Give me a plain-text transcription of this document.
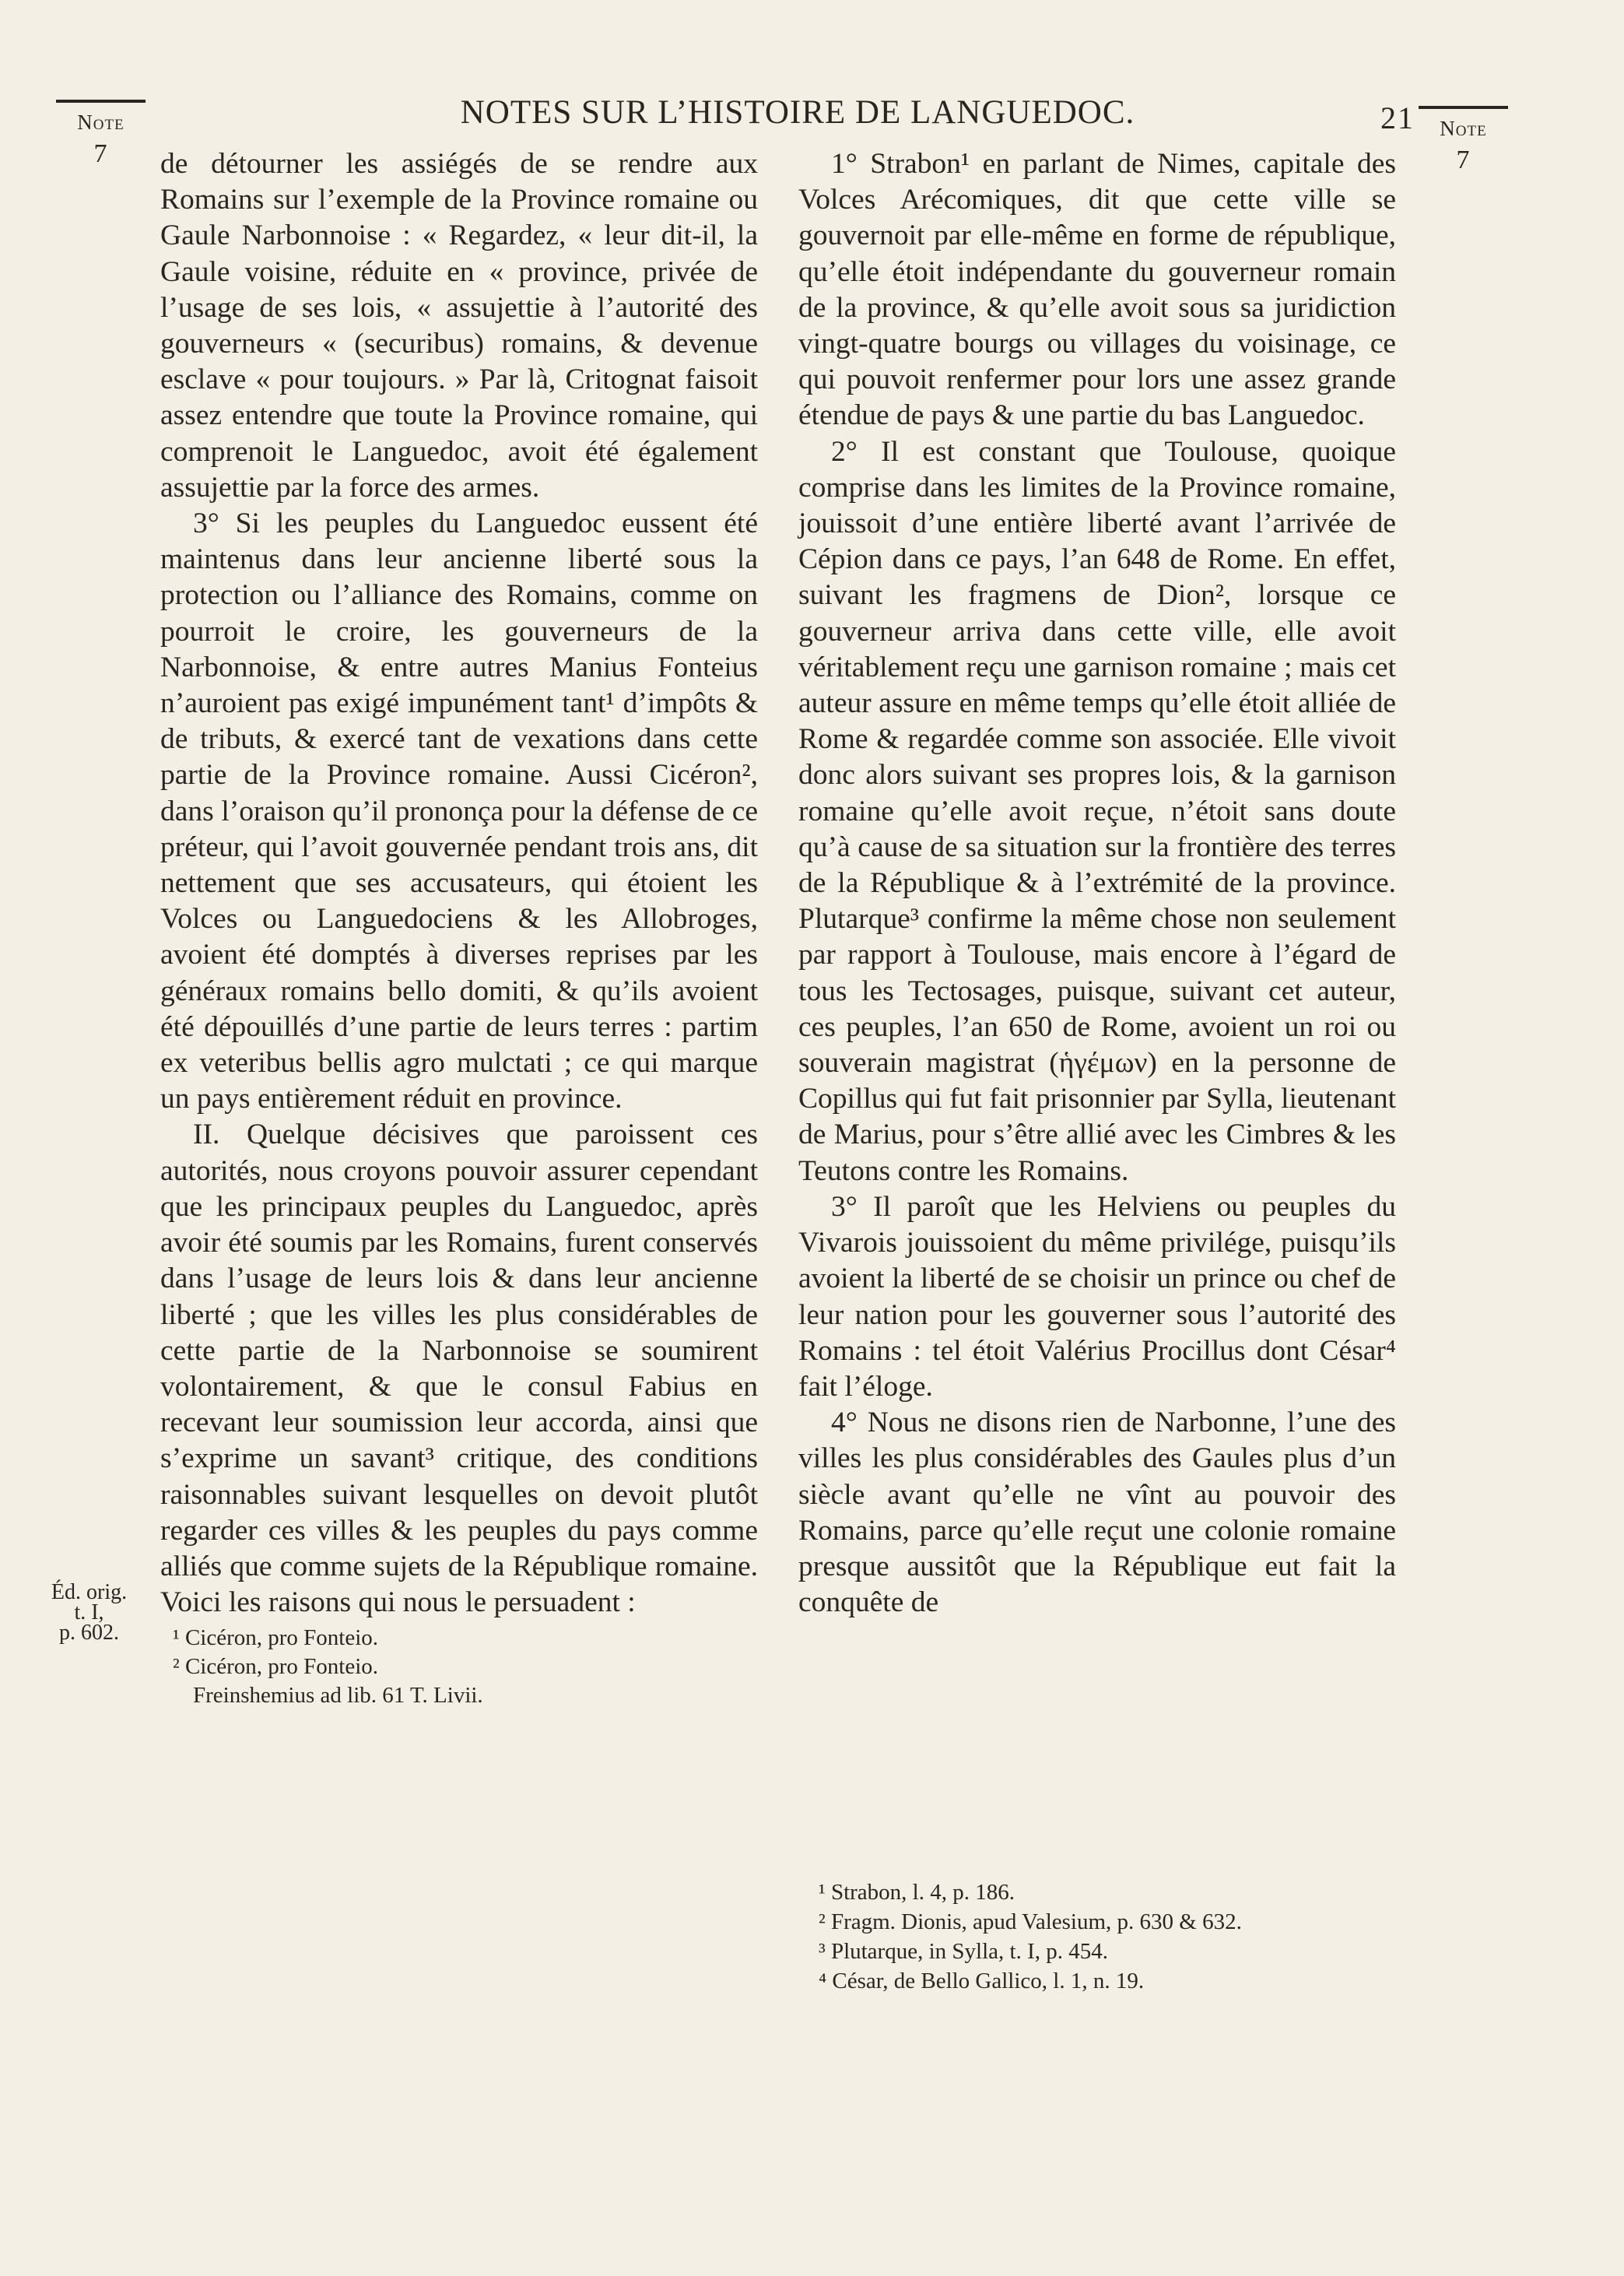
Note
7
NOTES SUR L’HISTOIRE DE LANGUEDOC.	21	Note
7
Éd. orig.
t. I,
p. 602.

de détourner les assiégés de se rendre aux Romains sur l’exemple de la Province romaine ou Gaule Narbonnoise : « Regardez, « leur dit-il, la Gaule voisine, réduite en « province, privée de l’usage de ses lois, « assujettie à l’autorité des gouverneurs « (securibus) romains, & devenue esclave « pour toujours. » Par là, Critognat faisoit assez entendre que toute la Province romaine, qui comprenoit le Languedoc, avoit été également assujettie par la force des armes.

3° Si les peuples du Languedoc eussent été maintenus dans leur ancienne liberté sous la protection ou l’alliance des Romains, comme on pourroit le croire, les gouverneurs de la Narbonnoise, & entre autres Manius Fonteius n’auroient pas exigé impunément tant¹ d’impôts & de tributs, & exercé tant de vexations dans cette partie de la Province romaine. Aussi Cicéron², dans l’oraison qu’il prononça pour la défense de ce préteur, qui l’avoit gouvernée pendant trois ans, dit nettement que ses accusateurs, qui étoient les Volces ou Languedociens & les Allobroges, avoient été domptés à diverses reprises par les généraux romains bello domiti, & qu’ils avoient été dépouillés d’une partie de leurs terres : partim ex veteribus bellis agro mulctati ; ce qui marque un pays entièrement réduit en province.

II. Quelque décisives que paroissent ces autorités, nous croyons pouvoir assurer cependant que les principaux peuples du Languedoc, après avoir été soumis par les Romains, furent conservés dans l’usage de leurs lois & dans leur ancienne liberté ; que les villes les plus considérables de cette partie de la Narbonnoise se soumirent volontairement, & que le consul Fabius en recevant leur soumission leur accorda, ainsi que s’exprime un savant³ critique, des conditions raisonnables suivant lesquelles on devoit plutôt regarder ces villes & les peuples du pays comme alliés que comme sujets de la République romaine. Voici les raisons qui nous le persuadent :

¹ Cicéron, pro Fonteio.

² Cicéron, pro Fonteio.

Freinshemius ad lib. 61 T. Livii.

1° Strabon¹ en parlant de Nimes, capitale des Volces Arécomiques, dit que cette ville se gouvernoit par elle-même en forme de république, qu’elle étoit indépendante du gouverneur romain de la province, & qu’elle avoit sous sa juridiction vingt-quatre bourgs ou villages du voisinage, ce qui pouvoit renfermer pour lors une assez grande étendue de pays & une partie du bas Languedoc.

2° Il est constant que Toulouse, quoique comprise dans les limites de la Province romaine, jouissoit d’une entière liberté avant l’arrivée de Cépion dans ce pays, l’an 648 de Rome. En effet, suivant les fragmens de Dion², lorsque ce gouverneur arriva dans cette ville, elle avoit véritablement reçu une garnison romaine ; mais cet auteur assure en même temps qu’elle étoit alliée de Rome & regardée comme son associée. Elle vivoit donc alors suivant ses propres lois, & la garnison romaine qu’elle avoit reçue, n’étoit sans doute qu’à cause de sa situation sur la frontière des terres de la République & à l’extrémité de la province. Plutarque³ confirme la même chose non seulement par rapport à Toulouse, mais encore à l’égard de tous les Tectosages, puisque, suivant cet auteur, ces peuples, l’an 650 de Rome, avoient un roi ou souverain magistrat (ἡγέμων) en la personne de Copillus qui fut fait prisonnier par Sylla, lieutenant de Marius, pour s’être allié avec les Cimbres & les Teutons contre les Romains.

3° Il paroît que les Helviens ou peuples du Vivarois jouissoient du même privilége, puisqu’ils avoient la liberté de se choisir un prince ou chef de leur nation pour les gouverner sous l’autorité des Romains : tel étoit Valérius Procillus dont César⁴ fait l’éloge.

4° Nous ne disons rien de Narbonne, l’une des villes les plus considérables des Gaules plus d’un siècle avant qu’elle ne vînt au pouvoir des Romains, parce qu’elle reçut une colonie romaine presque aussitôt que la République eut fait la conquête de

¹ Strabon, l. 4, p. 186.

² Fragm. Dionis, apud Valesium, p. 630 & 632.

³ Plutarque, in Sylla, t. I, p. 454.

⁴ César, de Bello Gallico, l. 1, n. 19.
